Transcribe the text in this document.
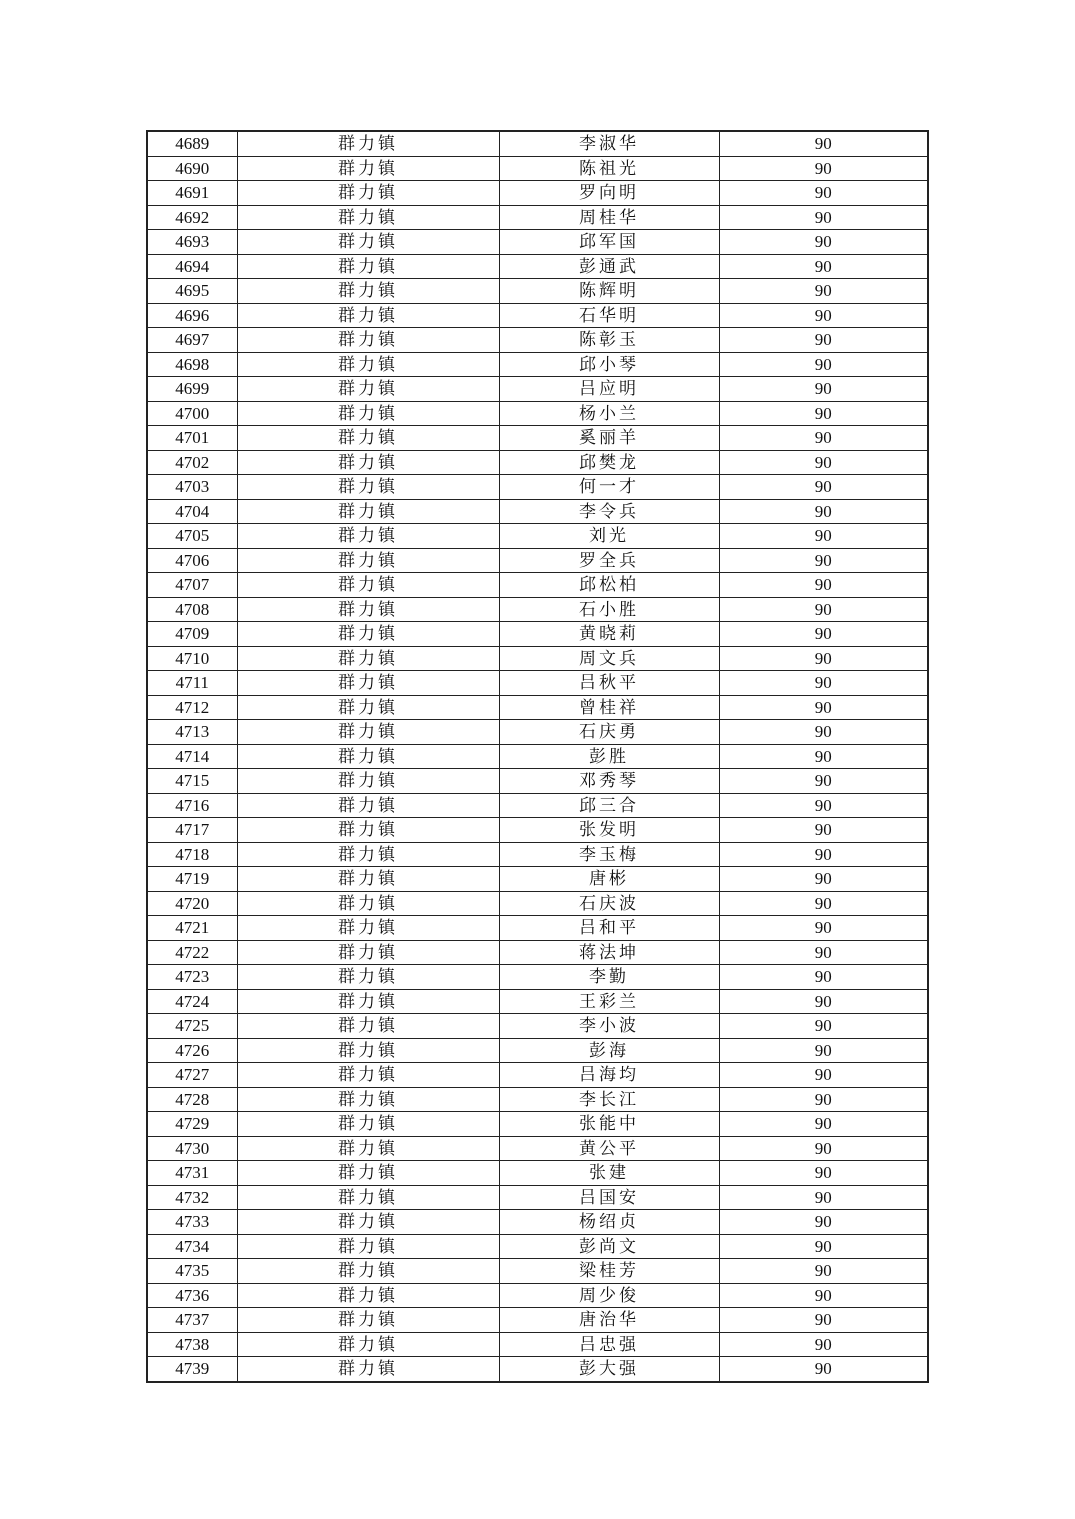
4689	群力镇	李淑华	90
4690	群力镇	陈祖光	90
4691	群力镇	罗向明	90
4692	群力镇	周桂华	90
4693	群力镇	邱军国	90
4694	群力镇	彭通武	90
4695	群力镇	陈辉明	90
4696	群力镇	石华明	90
4697	群力镇	陈彰玉	90
4698	群力镇	邱小琴	90
4699	群力镇	吕应明	90
4700	群力镇	杨小兰	90
4701	群力镇	奚丽羊	90
4702	群力镇	邱樊龙	90
4703	群力镇	何一才	90
4704	群力镇	李令兵	90
4705	群力镇	刘光	90
4706	群力镇	罗全兵	90
4707	群力镇	邱松柏	90
4708	群力镇	石小胜	90
4709	群力镇	黄晓莉	90
4710	群力镇	周文兵	90
4711	群力镇	吕秋平	90
4712	群力镇	曾桂祥	90
4713	群力镇	石庆勇	90
4714	群力镇	彭胜	90
4715	群力镇	邓秀琴	90
4716	群力镇	邱三合	90
4717	群力镇	张发明	90
4718	群力镇	李玉梅	90
4719	群力镇	唐彬	90
4720	群力镇	石庆波	90
4721	群力镇	吕和平	90
4722	群力镇	蒋法坤	90
4723	群力镇	李勤	90
4724	群力镇	王彩兰	90
4725	群力镇	李小波	90
4726	群力镇	彭海	90
4727	群力镇	吕海均	90
4728	群力镇	李长江	90
4729	群力镇	张能中	90
4730	群力镇	黄公平	90
4731	群力镇	张建	90
4732	群力镇	吕国安	90
4733	群力镇	杨绍贞	90
4734	群力镇	彭尚文	90
4735	群力镇	梁桂芳	90
4736	群力镇	周少俊	90
4737	群力镇	唐治华	90
4738	群力镇	吕忠强	90
4739	群力镇	彭大强	90
